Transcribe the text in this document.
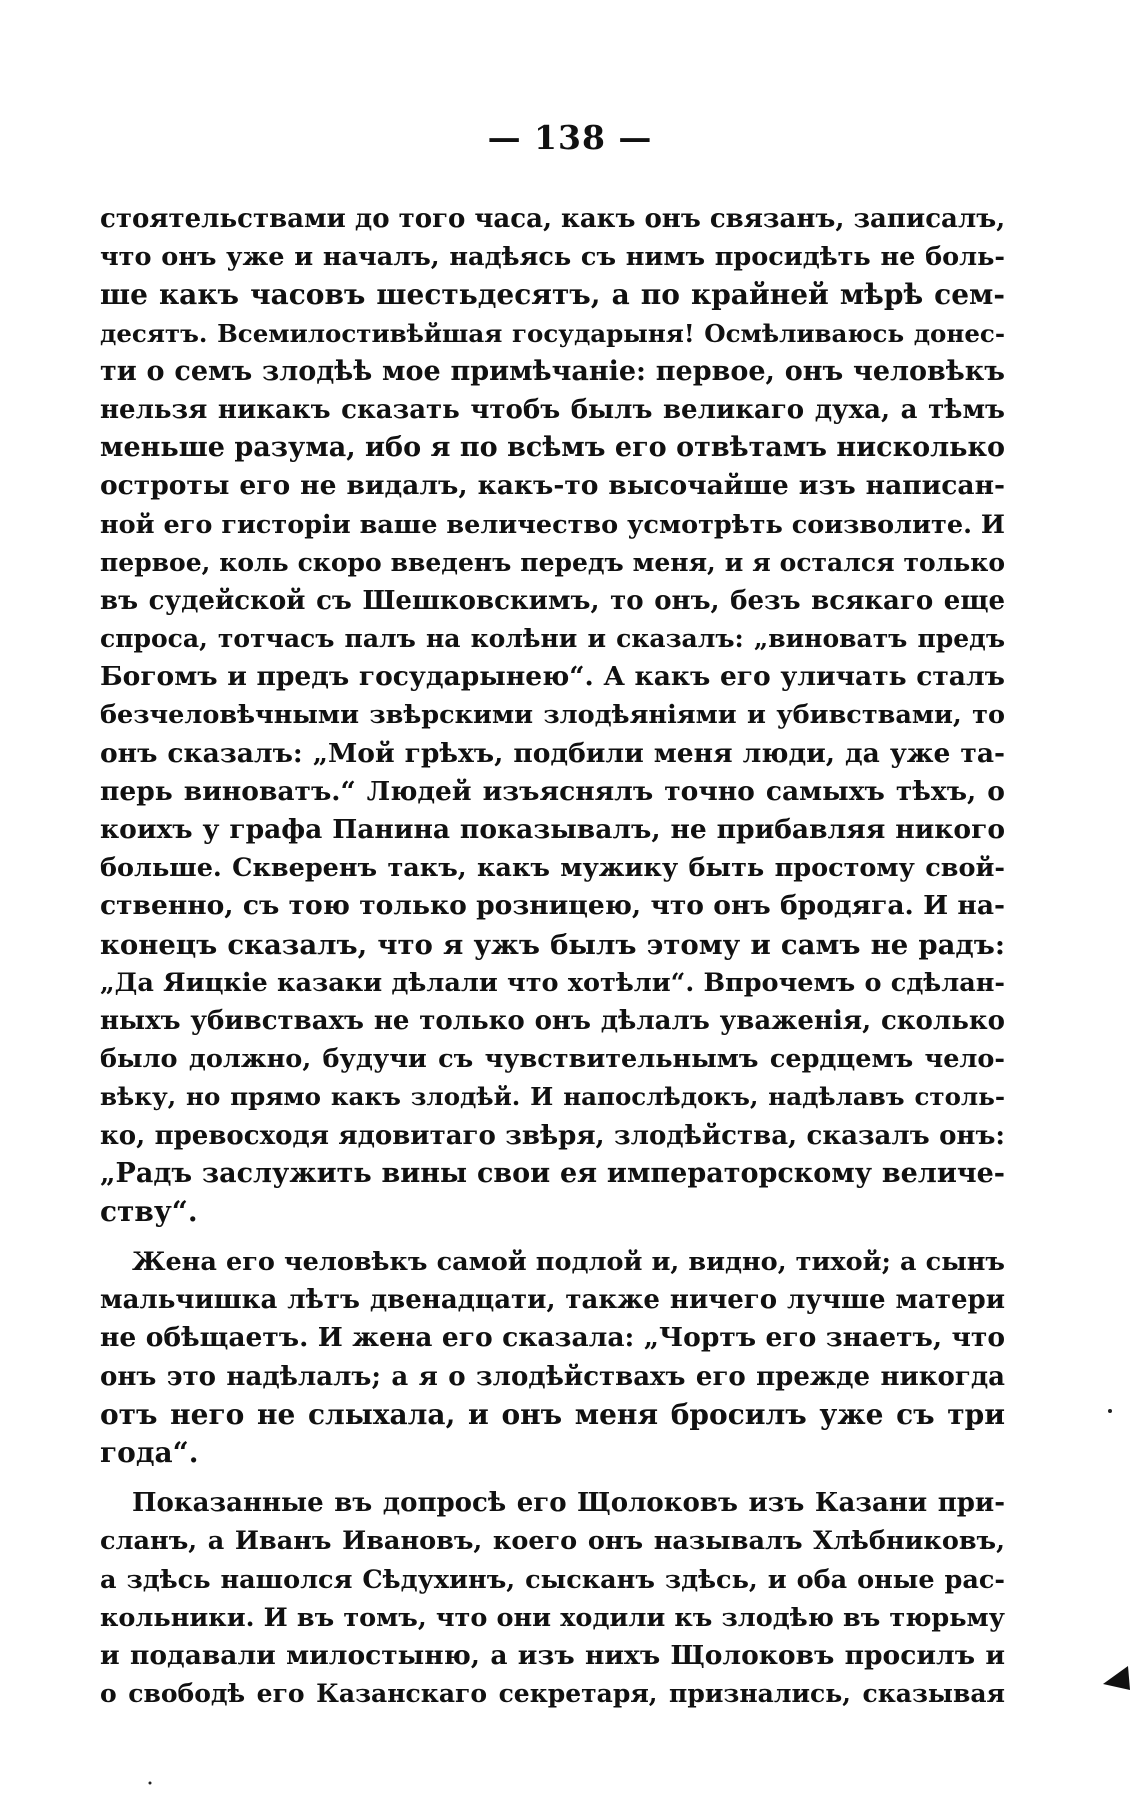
— 138 —
стоятельствами до того часа, какъ онъ связанъ, записалъ,
что онъ уже и началъ, надѣясь съ нимъ просидѣть не боль-
ше какъ часовъ шестьдесятъ, а по крайней мѣрѣ сем-
десятъ. Всемилостивѣйшая государыня! Осмѣливаюсь донес-
ти о семъ злодѣѣ мое примѣчаніе: первое, онъ человѣкъ
нельзя никакъ сказать чтобъ былъ великаго духа, а тѣмъ
меньше разума, ибо я по всѣмъ его отвѣтамъ нисколько
остроты его не видалъ, какъ-то высочайше изъ написан-
ной его гисторіи ваше величество усмотрѣть соизволите. И
первое, коль скоро введенъ передъ меня, и я остался только
въ судейской съ Шешковскимъ, то онъ, безъ всякаго еще
спроса, тотчасъ палъ на колѣни и сказалъ: „виноватъ предъ
Богомъ и предъ государынею“. А какъ его уличать сталъ
безчеловѣчными звѣрскими злодѣяніями и убивствами, то
онъ сказалъ: „Мой грѣхъ, подбили меня люди, да уже та-
перь виноватъ.“ Людей изъяснялъ точно самыхъ тѣхъ, о
коихъ у графа Панина показывалъ, не прибавляя никого
больше. Скверенъ такъ, какъ мужику быть простому свой-
ственно, съ тою только розницею, что онъ бродяга. И на-
конецъ сказалъ, что я ужъ былъ этому и самъ не радъ:
„Да Яицкіе казаки дѣлали что хотѣли“. Впрочемъ о сдѣлан-
ныхъ убивствахъ не только онъ дѣлалъ уваженія, сколько
было должно, будучи съ чувствительнымъ сердцемъ чело-
вѣку, но прямо какъ злодѣй. И напослѣдокъ, надѣлавъ столь-
ко, превосходя ядовитаго звѣря, злодѣйства, сказалъ онъ:
„Радъ заслужить вины свои ея императорскому величе-
ству“.
Жена его человѣкъ самой подлой и, видно, тихой; а сынъ
мальчишка лѣтъ двенадцати, также ничего лучше матери
не обѣщаетъ. И жена его сказала: „Чортъ его знаетъ, что
онъ это надѣлалъ; а я о злодѣйствахъ его прежде никогда
отъ него не слыхала, и онъ меня бросилъ уже съ три
года“.
Показанные въ допросѣ его Щолоковъ изъ Казани при-
сланъ, а Иванъ Ивановъ, коего онъ называлъ Хлѣбниковъ,
а здѣсь нашолся Сѣдухинъ, сысканъ здѣсь, и оба оные рас-
кольники. И въ томъ, что они ходили къ злодѣю въ тюрьму
и подавали милостыню, а изъ нихъ Щолоковъ просилъ и
о свободѣ его Казанскаго секретаря, признались, сказывая
